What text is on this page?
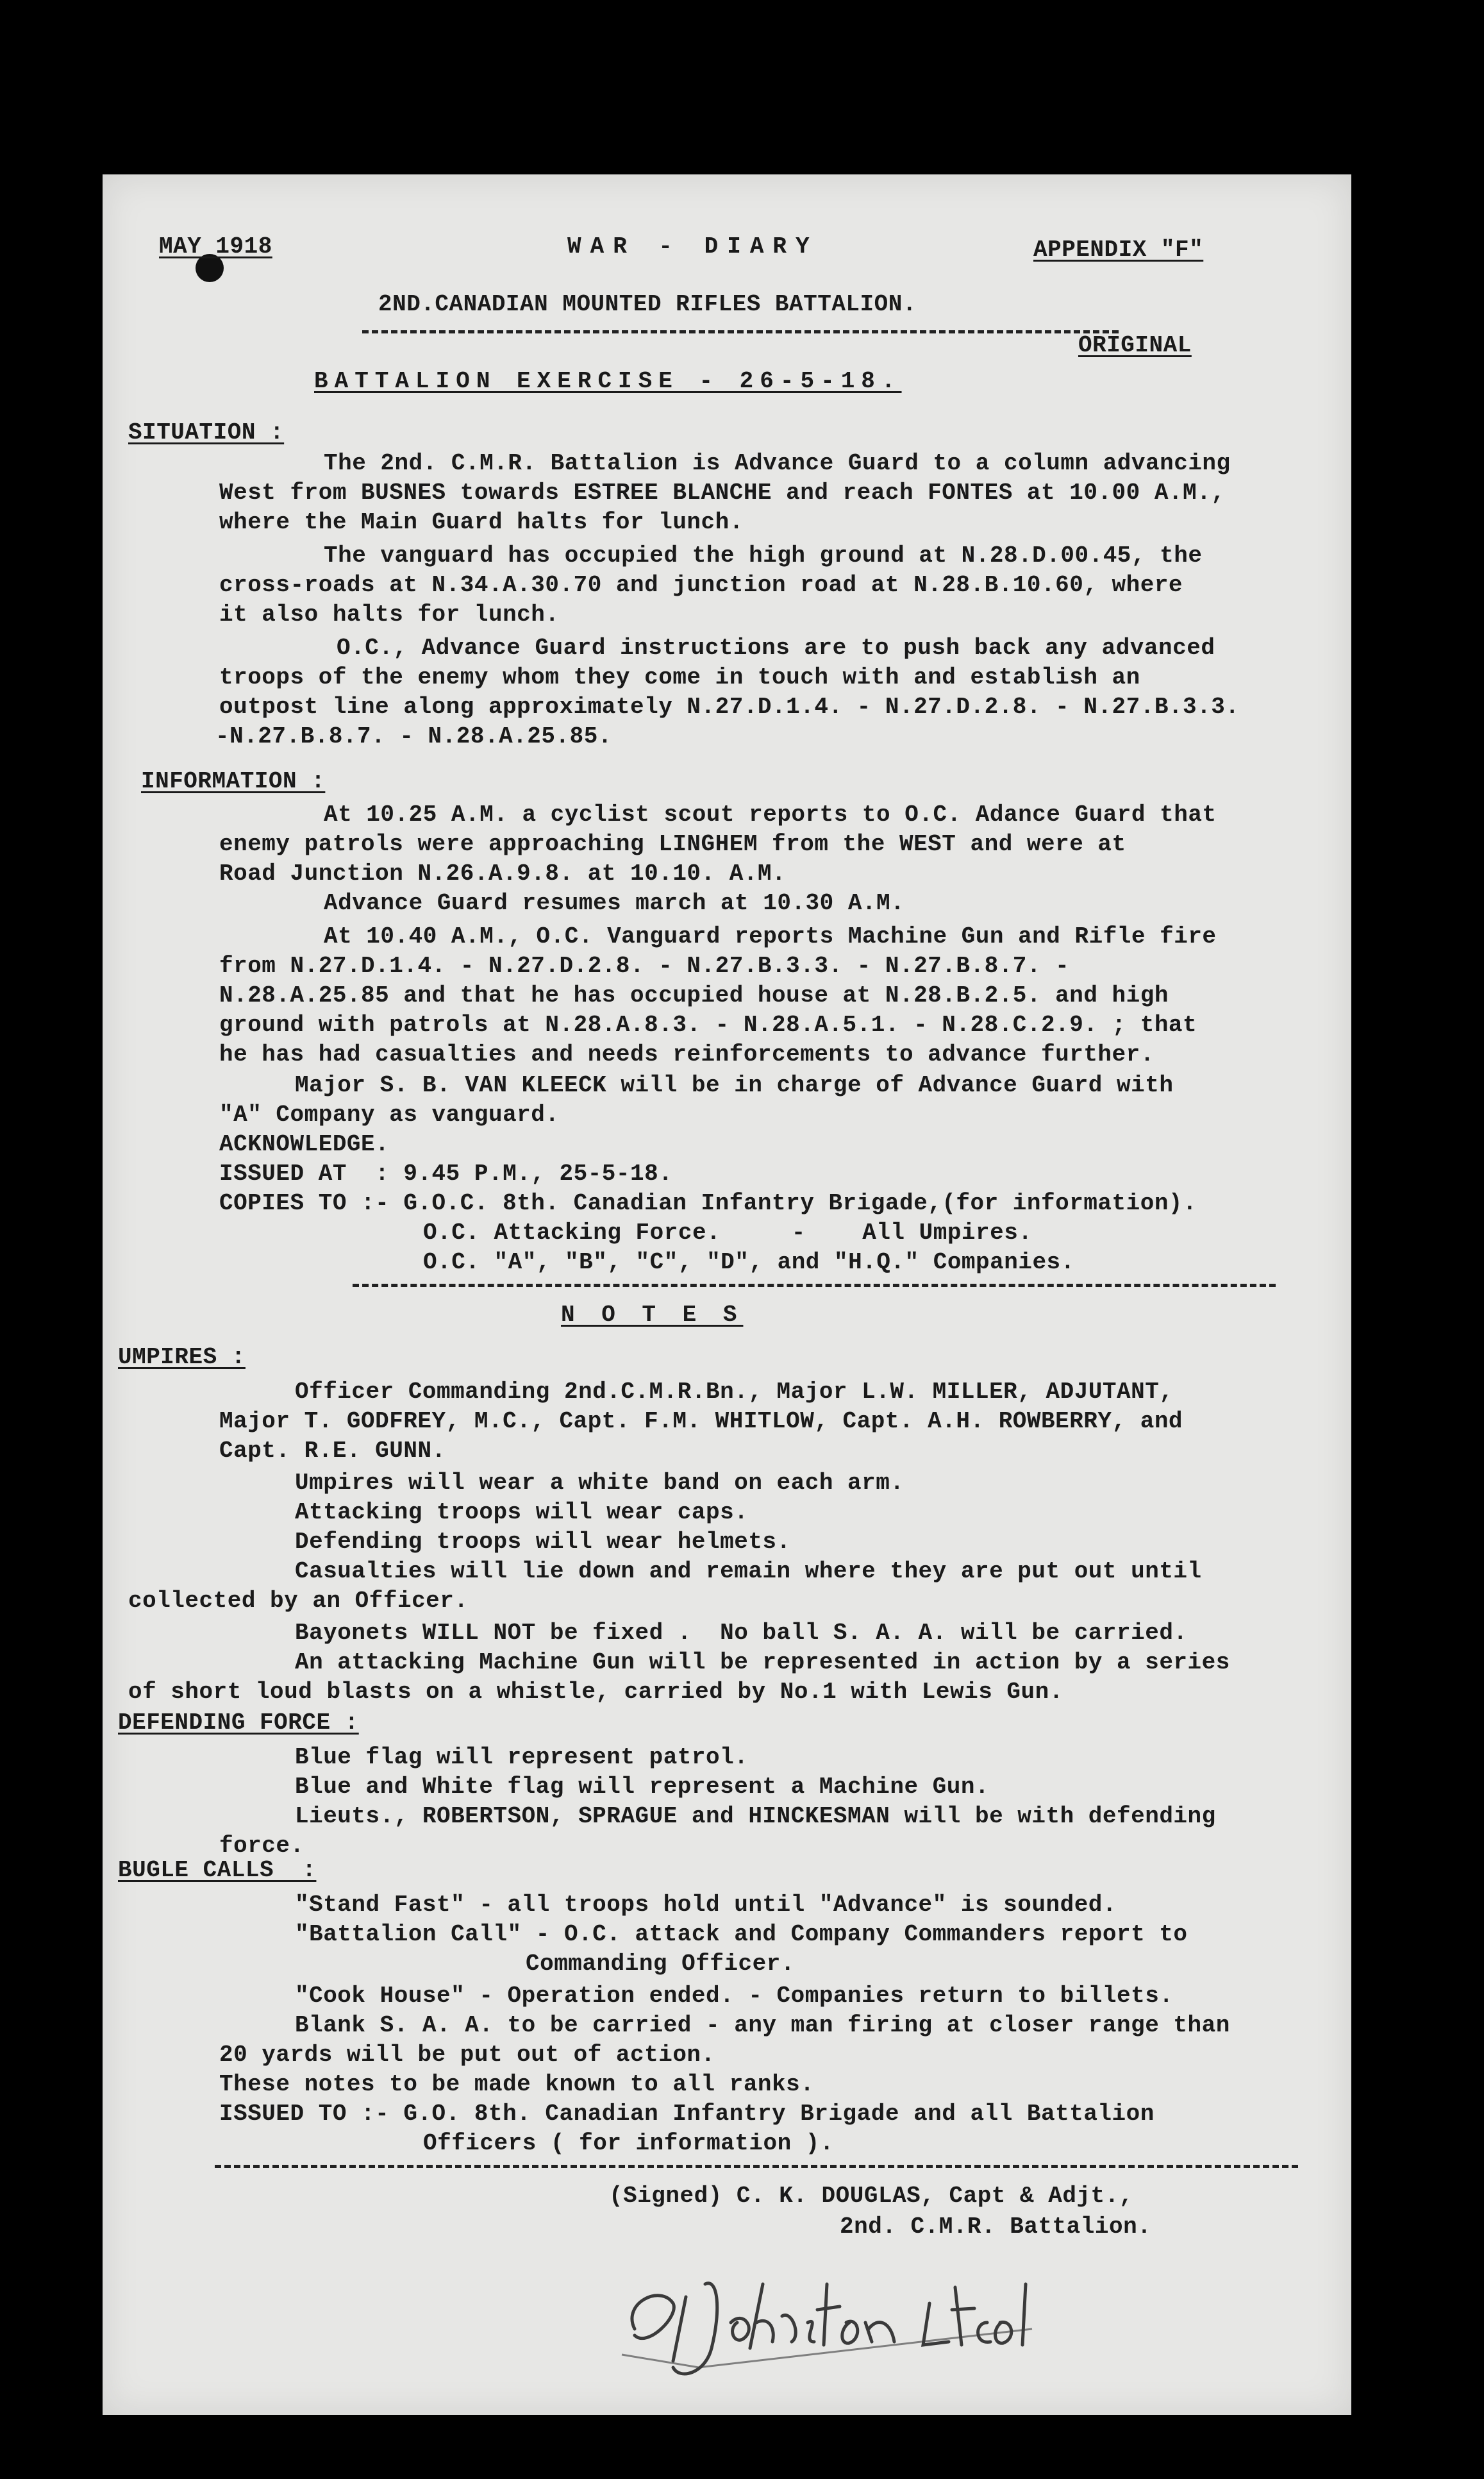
MAY 1918	WAR - DIARY	APPENDIX "F"
2ND.CANADIAN MOUNTED RIFLES BATTALION.
ORIGINAL
BATTALION EXERCISE - 26-5-18.
SITUATION :
The 2nd. C.M.R. Battalion is Advance Guard to a column advancing
West from BUSNES towards ESTREE BLANCHE and reach FONTES at 10.00 A.M.,
where the Main Guard halts for lunch.
The vanguard has occupied the high ground at N.28.D.00.45, the
cross-roads at N.34.A.30.70 and junction road at N.28.B.10.60, where
it also halts for lunch.
O.C., Advance Guard instructions are to push back any advanced
troops of the enemy whom they come in touch with and establish an
outpost line along approximately N.27.D.1.4. - N.27.D.2.8. - N.27.B.3.3.
-N.27.B.8.7. - N.28.A.25.85.
INFORMATION :
At 10.25 A.M. a cyclist scout reports to O.C. Adance Guard that
enemy patrols were approaching LINGHEM from the WEST and were at
Road Junction N.26.A.9.8. at 10.10. A.M.
Advance Guard resumes march at 10.30 A.M.
At 10.40 A.M., O.C. Vanguard reports Machine Gun and Rifle fire
from N.27.D.1.4. - N.27.D.2.8. - N.27.B.3.3. - N.27.B.8.7. -
N.28.A.25.85 and that he has occupied house at N.28.B.2.5. and high
ground with patrols at N.28.A.8.3. - N.28.A.5.1. - N.28.C.2.9. ; that
he has had casualties and needs reinforcements to advance further.
Major S. B. VAN KLEECK will be in charge of Advance Guard with
"A" Company as vanguard.
ACKNOWLEDGE.
ISSUED AT  : 9.45 P.M., 25-5-18.
COPIES TO :- G.O.C. 8th. Canadian Infantry Brigade,(for information).
O.C. Attacking Force.     -    All Umpires.
O.C. "A", "B", "C", "D", and "H.Q." Companies.
N O T E S
UMPIRES :
Officer Commanding 2nd.C.M.R.Bn., Major L.W. MILLER, ADJUTANT,
Major T. GODFREY, M.C., Capt. F.M. WHITLOW, Capt. A.H. ROWBERRY, and
Capt. R.E. GUNN.
Umpires will wear a white band on each arm.
Attacking troops will wear caps.
Defending troops will wear helmets.
Casualties will lie down and remain where they are put out until
collected by an Officer.
Bayonets WILL NOT be fixed .  No ball S. A. A. will be carried.
An attacking Machine Gun will be represented in action by a series
of short loud blasts on a whistle, carried by No.1 with Lewis Gun.
DEFENDING FORCE :
Blue flag will represent patrol.
Blue and White flag will represent a Machine Gun.
Lieuts., ROBERTSON, SPRAGUE and HINCKESMAN will be with defending
force.
BUGLE CALLS  :
"Stand Fast" - all troops hold until "Advance" is sounded.
"Battalion Call" - O.C. attack and Company Commanders report to
Commanding Officer.
"Cook House" - Operation ended. - Companies return to billets.
Blank S. A. A. to be carried - any man firing at closer range than
20 yards will be put out of action.
These notes to be made known to all ranks.
ISSUED TO :- G.O. 8th. Canadian Infantry Brigade and all Battalion
Officers ( for information ).
(Signed) C. K. DOUGLAS, Capt & Adjt.,
2nd. C.M.R. Battalion.
G.L. Johnston Lt Col
